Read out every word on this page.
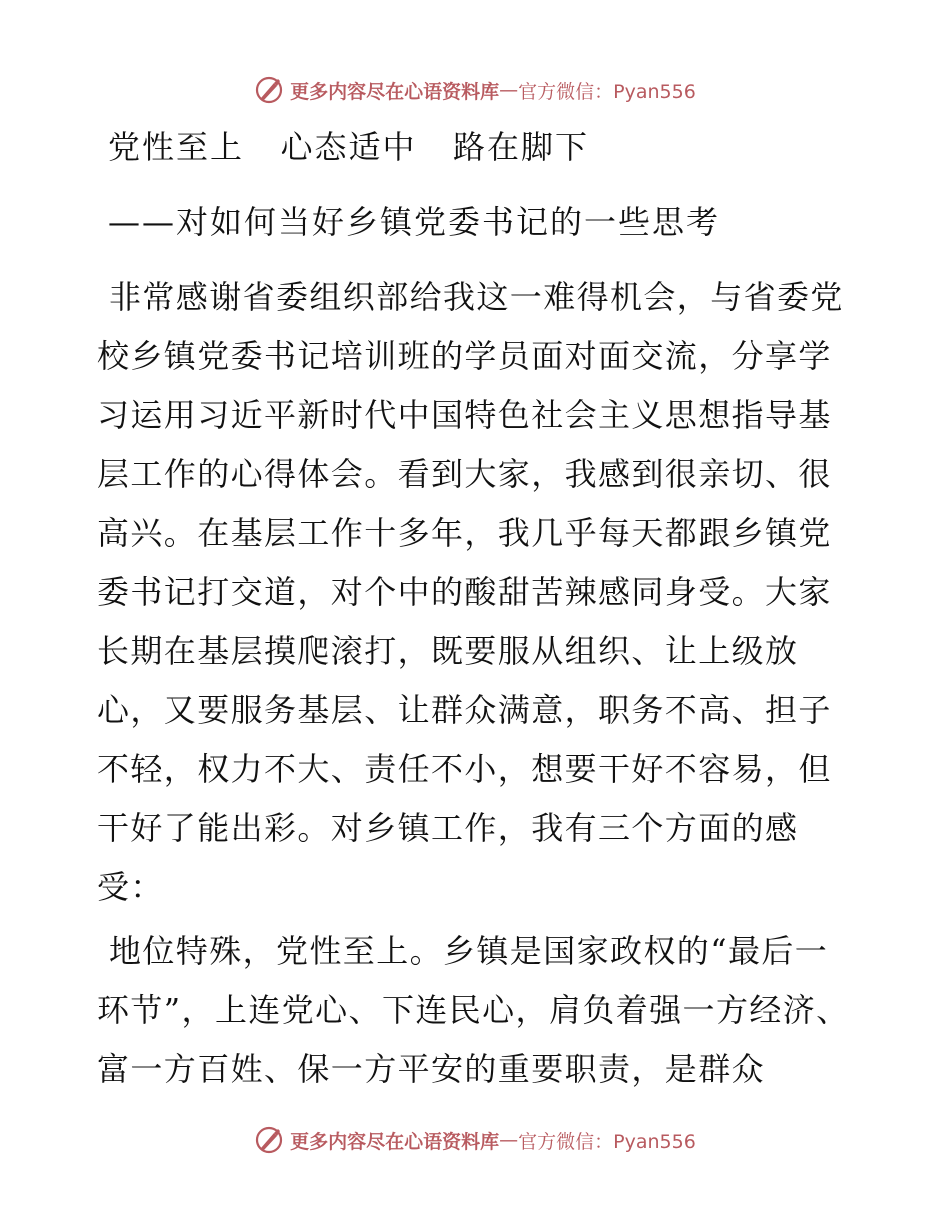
更多内容尽在心语资料库 — 官方微信：Pyan556
党性至上   心态适中   路在脚下
——对如何当好乡镇党委书记的一些思考

非常感谢省委组织部给我这一难得机会，与省委党校乡镇党委书记培训班的学员面对面交流，分享学习运用习近平新时代中国特色社会主义思想指导基层工作的心得体会。看到大家，我感到很亲切、很高兴。在基层工作十多年，我几乎每天都跟乡镇党委书记打交道，对个中的酸甜苦辣感同身受。大家长期在基层摸爬滚打，既要服从组织、让上级放心，又要服务基层、让群众满意，职务不高、担子不轻，权力不大、责任不小，想要干好不容易，但干好了能出彩。对乡镇工作，我有三个方面的感受：

地位特殊，党性至上。乡镇是国家政权的“最后一环节”，上连党心、下连民心，肩负着强一方经济、富一方百姓、保一方平安的重要职责，是群众

更多内容尽在心语资料库 — 官方微信：Pyan556
